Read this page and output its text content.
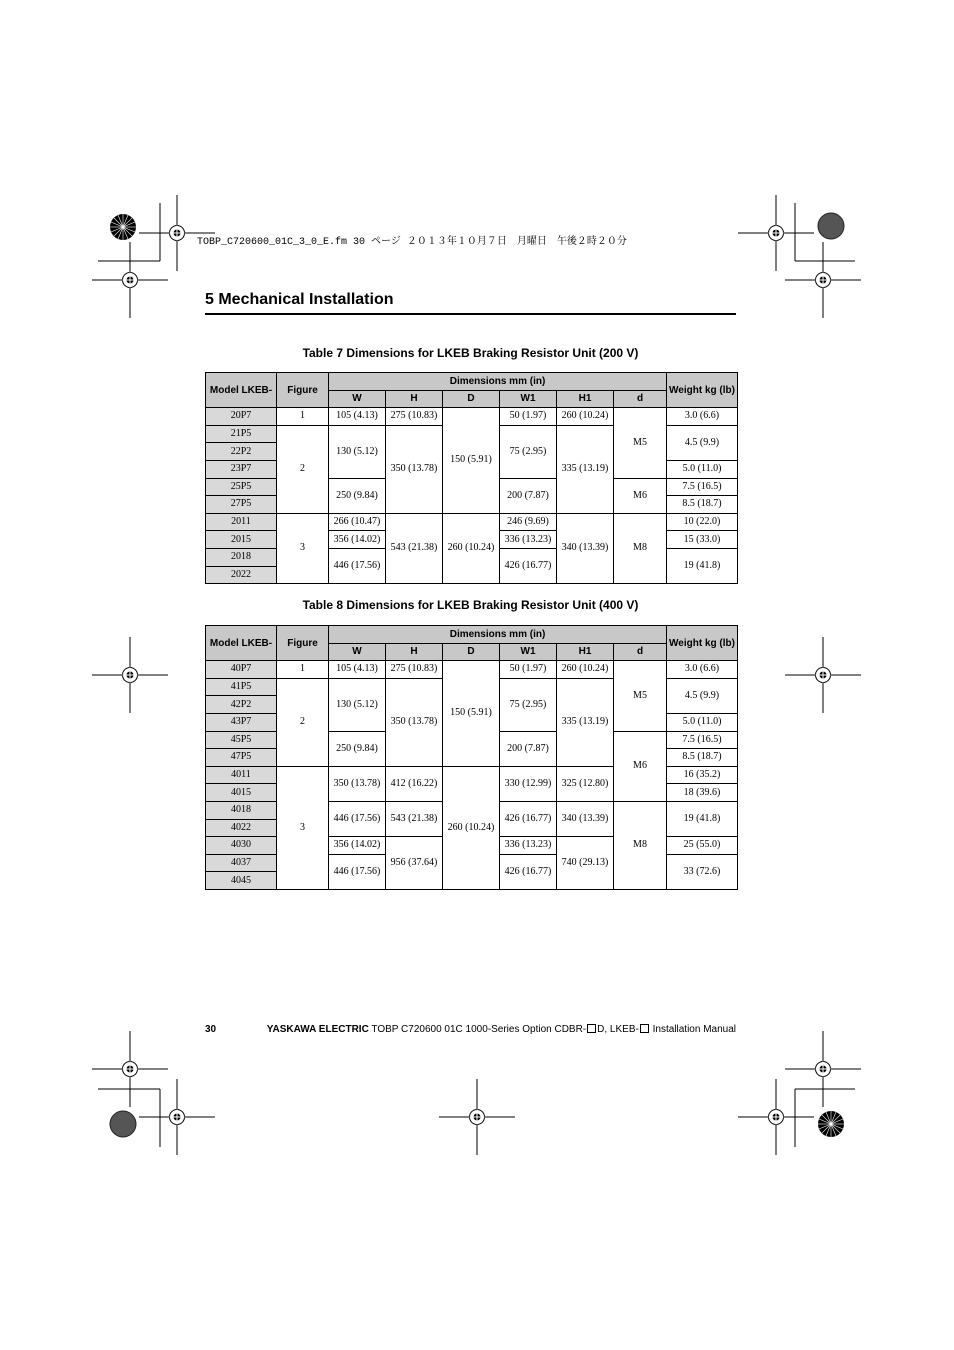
TOBP_C720600_01C_3_0_E.fm 30 ページ ２０１３年１０月７日　月曜日　午後２時２０分
5 Mechanical Installation
Table 7 Dimensions for LKEB Braking Resistor Unit (200 V)
Model LKEB-	Figure	Dimensions mm (in)						Weight kg (lb)
		W	H	D	W1	H1	d	
20P7	1	105 (4.13)	275 (10.83)	150 (5.91)	50 (1.97)	260 (10.24)	M5	3.0 (6.6)
21P5	2	130 (5.12)	350 (13.78)		75 (2.95)	335 (13.19)		4.5 (9.9)
22P2								
23P7								5.0 (11.0)
25P5		250 (9.84)			200 (7.87)		M6	7.5 (16.5)
27P5								8.5 (18.7)
2011	3	266 (10.47)	543 (21.38)	260 (10.24)	246 (9.69)	340 (13.39)	M8	10 (22.0)
2015		356 (14.02)			336 (13.23)			15 (33.0)
2018		446 (17.56)			426 (16.77)			19 (41.8)
2022								
Table 8 Dimensions for LKEB Braking Resistor Unit (400 V)
Model LKEB-	Figure	Dimensions mm (in)						Weight kg (lb)
		W	H	D	W1	H1	d	
40P7	1	105 (4.13)	275 (10.83)	150 (5.91)	50 (1.97)	260 (10.24)	M5	3.0 (6.6)
41P5	2	130 (5.12)	350 (13.78)		75 (2.95)	335 (13.19)		4.5 (9.9)
42P2								
43P7								5.0 (11.0)
45P5		250 (9.84)			200 (7.87)		M6	7.5 (16.5)
47P5								8.5 (18.7)
4011	3	350 (13.78)	412 (16.22)	260 (10.24)	330 (12.99)	325 (12.80)		16 (35.2)
4015								18 (39.6)
4018		446 (17.56)	543 (21.38)		426 (16.77)	340 (13.39)	M8	19 (41.8)
4022								
4030		356 (14.02)	956 (37.64)		336 (13.23)	740 (29.13)		25 (55.0)
4037		446 (17.56)			426 (16.77)			33 (72.6)
4045								
30	YASKAWA ELECTRIC TOBP C720600 01C 1000-Series Option CDBR- D, LKEB- Installation Manual
